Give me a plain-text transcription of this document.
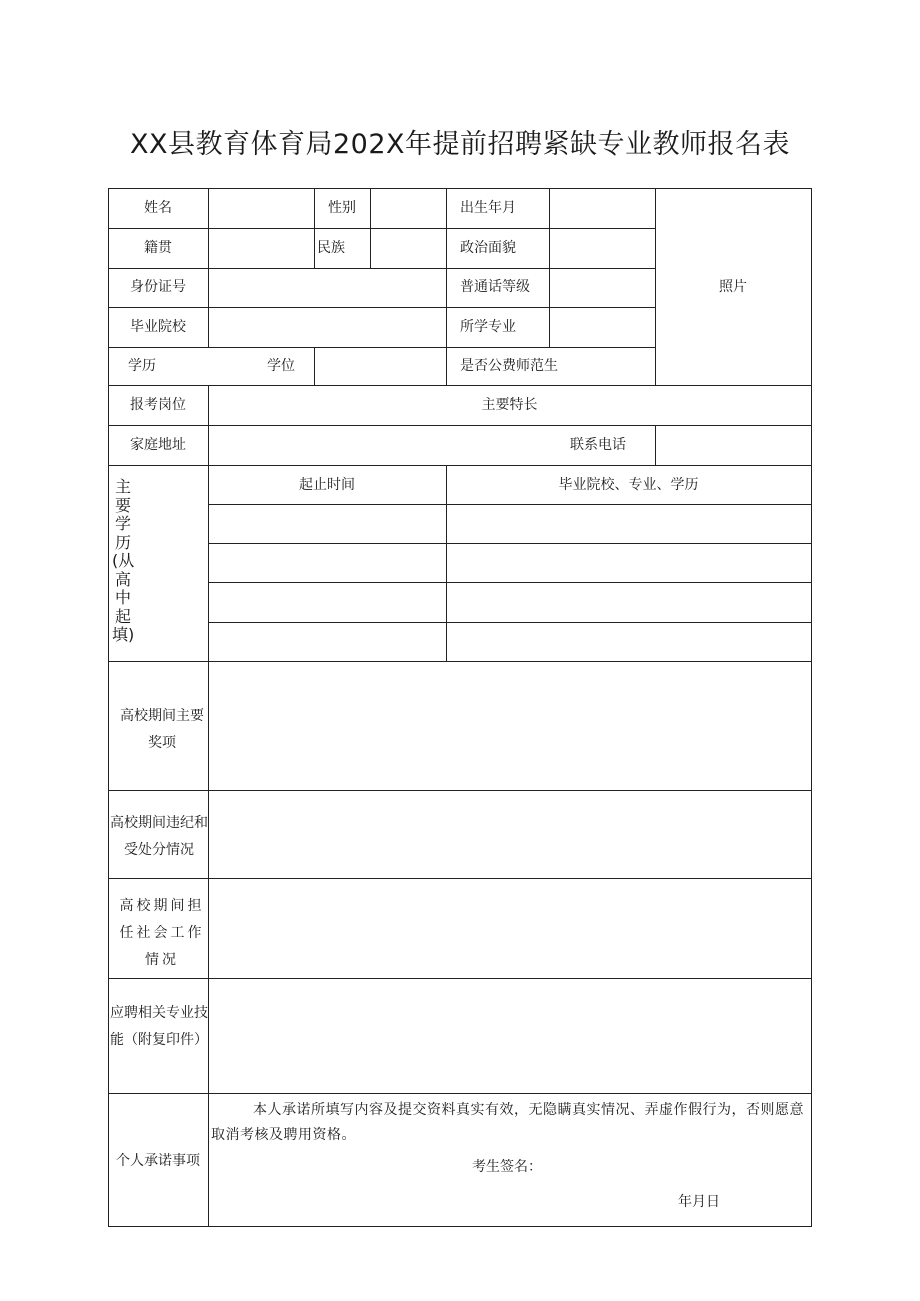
XX县教育体育局202X年提前招聘紧缺专业教师报名表
姓名	性别	出生年月
照片
籍贯	民族	政治面貌
身份证号	普通话等级
毕业院校	所学专业
学历	学位	是否公费师范生
报考岗位	主要特长
家庭地址	联系电话
主要学历(从高中起填)
起止时间	毕业院校、专业、学历
高校期间主要奖项
高校期间违纪和受处分情况
高校期间担任社会工作情况
应聘相关专业技能（附复印件）
个人承诺事项
本人承诺所填写内容及提交资料真实有效，无隐瞒真实情况、弄虚作假行为，否则愿意取消考核及聘用资格。
考生签名：
年月日
